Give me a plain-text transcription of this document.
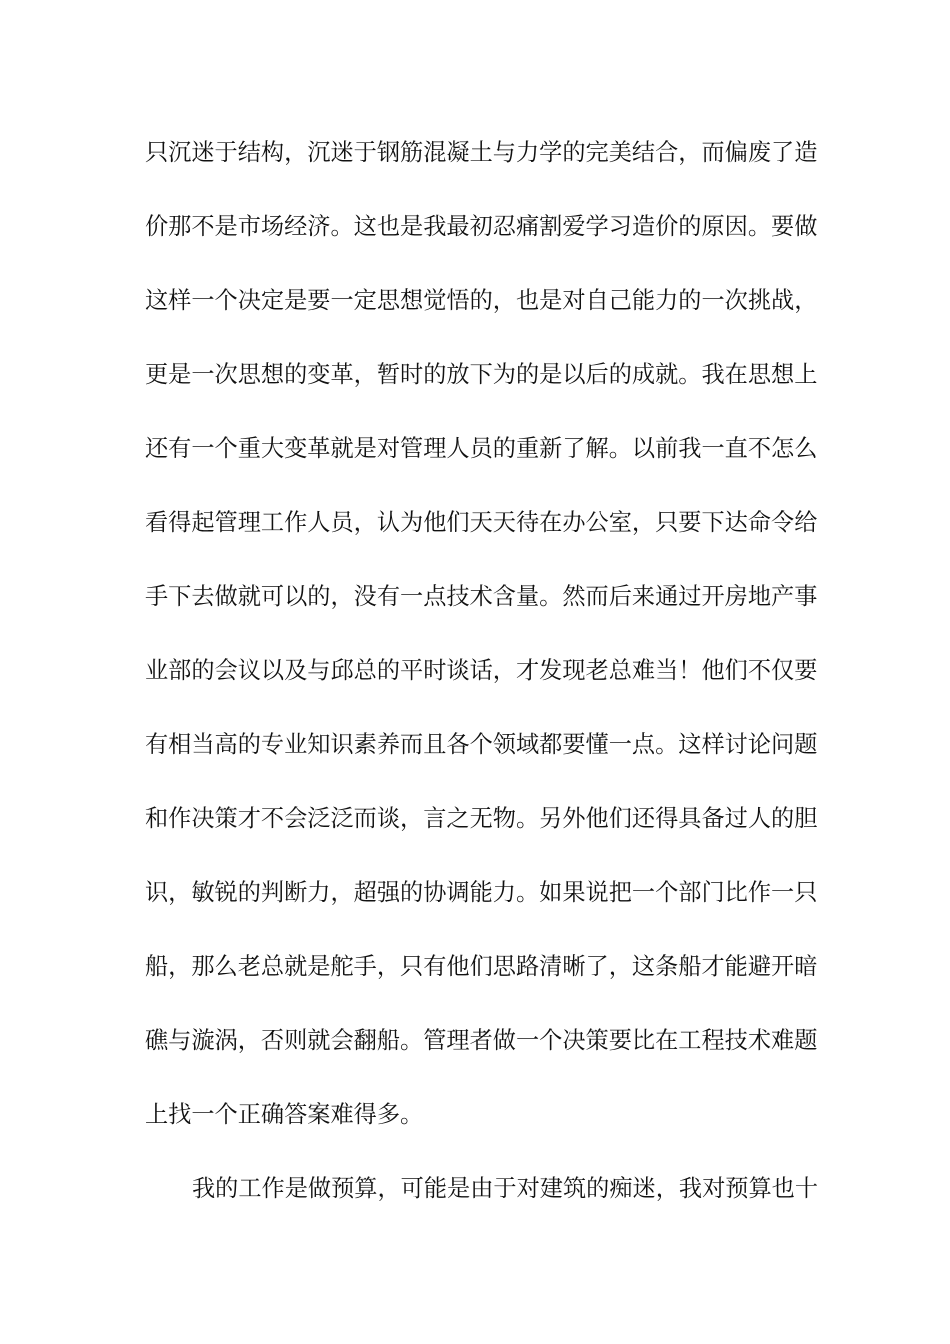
只沉迷于结构，沉迷于钢筋混凝土与力学的完美结合，而偏废了造
价那不是市场经济。这也是我最初忍痛割爱学习造价的原因。要做
这样一个决定是要一定思想觉悟的，也是对自己能力的一次挑战，
更是一次思想的变革，暂时的放下为的是以后的成就。我在思想上
还有一个重大变革就是对管理人员的重新了解。以前我一直不怎么
看得起管理工作人员，认为他们天天待在办公室，只要下达命令给
手下去做就可以的，没有一点技术含量。然而后来通过开房地产事
业部的会议以及与邱总的平时谈话，才发现老总难当！他们不仅要
有相当高的专业知识素养而且各个领域都要懂一点。这样讨论问题
和作决策才不会泛泛而谈，言之无物。另外他们还得具备过人的胆
识，敏锐的判断力，超强的协调能力。如果说把一个部门比作一只
船，那么老总就是舵手，只有他们思路清晰了，这条船才能避开暗
礁与漩涡，否则就会翻船。管理者做一个决策要比在工程技术难题
上找一个正确答案难得多。
我的工作是做预算，可能是由于对建筑的痴迷，我对预算也十
